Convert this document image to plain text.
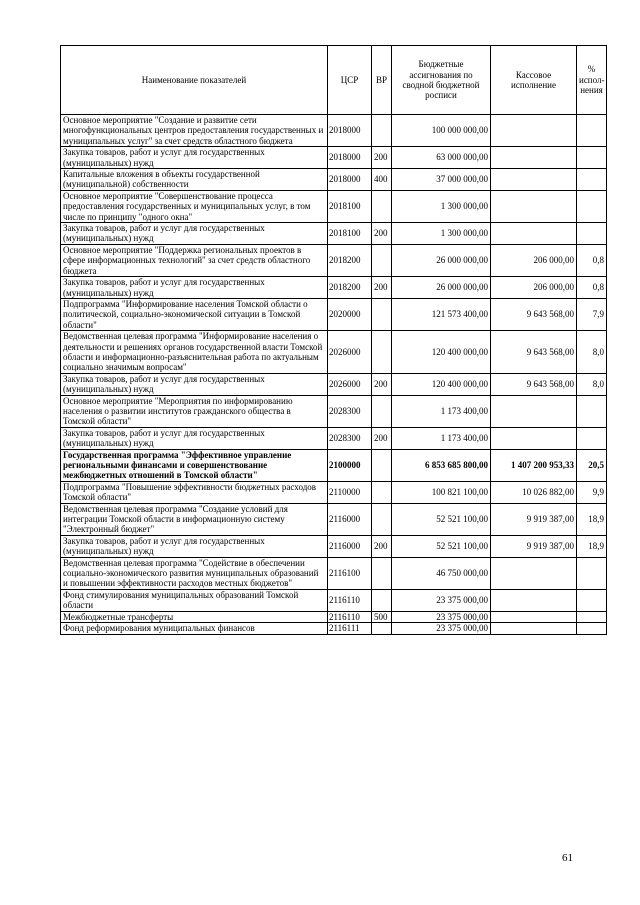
Наименование показателей	ЦСР	ВР	Бюджетные ассигнования по сводной бюджетной росписи	Кассовое исполнение	% испол-нения
Основное мероприятие "Создание и развитие сети многофункциональных центров предоставления государственных и муниципальных услуг" за счет средств областного бюджета	2018000		100 000 000,00		
Закупка товаров, работ и услуг для государственных (муниципальных) нужд	2018000	200	63 000 000,00		
Капитальные вложения в объекты государственной (муниципальной) собственности	2018000	400	37 000 000,00		
Основное мероприятие "Совершенствование процесса предоставления государственных и муниципальных услуг, в том числе по принципу "одного окна"	2018100		1 300 000,00		
Закупка товаров, работ и услуг для государственных (муниципальных) нужд	2018100	200	1 300 000,00		
Основное мероприятие "Поддержка региональных проектов в сфере информационных технологий" за счет средств областного бюджета	2018200		26 000 000,00	206 000,00	0,8
Закупка товаров, работ и услуг для государственных (муниципальных) нужд	2018200	200	26 000 000,00	206 000,00	0,8
Подпрограмма "Информирование населения Томской области о политической, социально-экономической ситуации в Томской области"	2020000		121 573 400,00	9 643 568,00	7,9
Ведомственная целевая программа "Информирование населения о деятельности и решениях органов государственной власти Томской области и информационно-разъяснительная работа по актуальным социально значимым вопросам"	2026000		120 400 000,00	9 643 568,00	8,0
Закупка товаров, работ и услуг для государственных (муниципальных) нужд	2026000	200	120 400 000,00	9 643 568,00	8,0
Основное мероприятие "Мероприятия по информированию населения о развитии институтов гражданского общества в Томской области"	2028300		1 173 400,00		
Закупка товаров, работ и услуг для государственных (муниципальных) нужд	2028300	200	1 173 400,00		
Государственная программа "Эффективное управление региональными финансами и совершенствование межбюджетных отношений в Томской области"	2100000		6 853 685 800,00	1 407 200 953,33	20,5
Подпрограмма "Повышение эффективности бюджетных расходов Томской области"	2110000		100 821 100,00	10 026 882,00	9,9
Ведомственная целевая программа "Создание условий для интеграции Томской области в информационную систему "Электронный бюджет"	2116000		52 521 100,00	9 919 387,00	18,9
Закупка товаров, работ и услуг для государственных (муниципальных) нужд	2116000	200	52 521 100,00	9 919 387,00	18,9
Ведомственная целевая программа "Содействие в обеспечении социально-экономического развития муниципальных образований и повышении эффективности расходов местных бюджетов"	2116100		46 750 000,00		
Фонд стимулирования муниципальных образований Томской области	2116110		23 375 000,00		
Межбюджетные трансферты	2116110	500	23 375 000,00		
Фонд реформирования муниципальных финансов	2116111		23 375 000,00		
61
